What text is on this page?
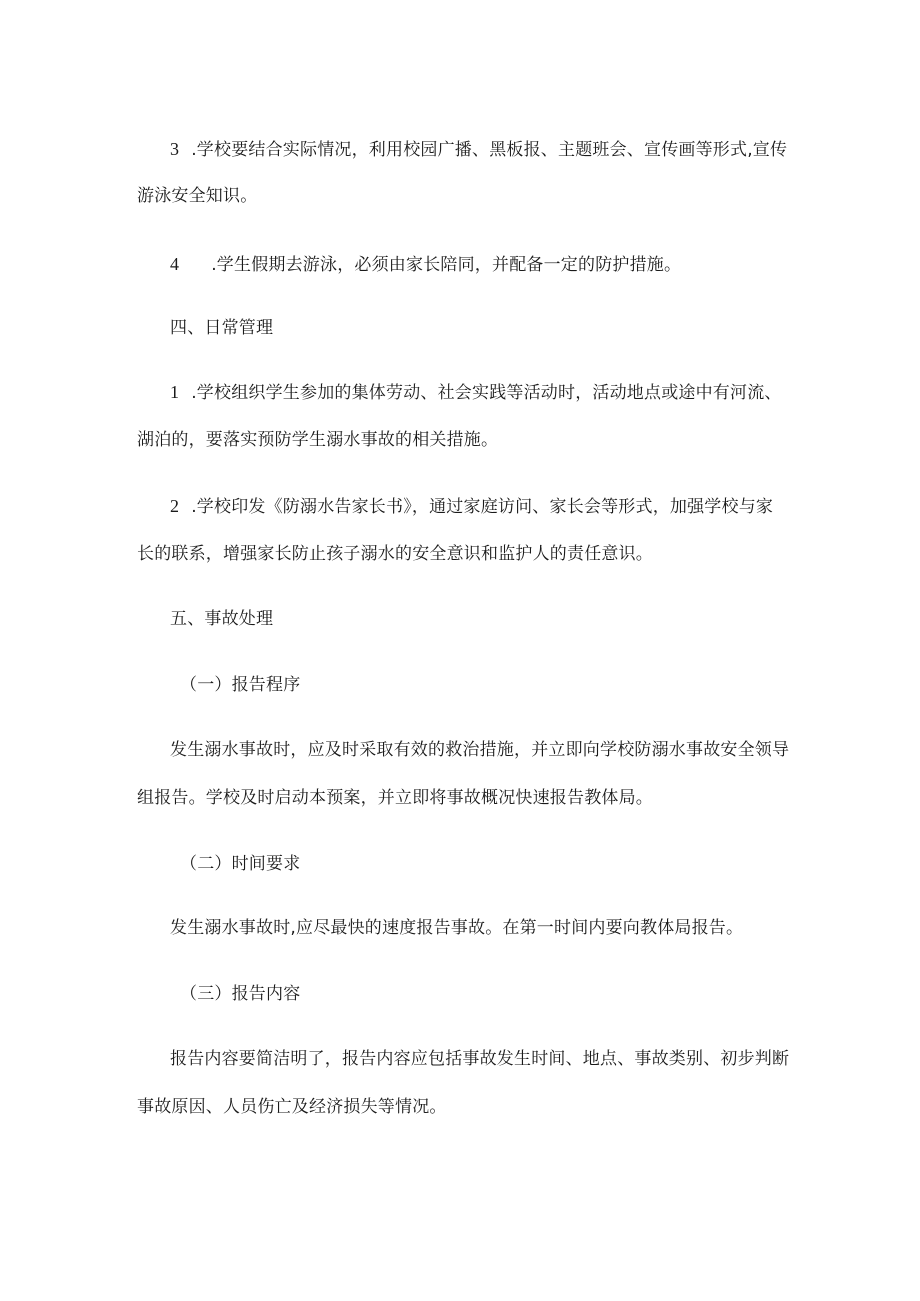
3 .学校要结合实际情况，利用校园广播、黑板报、主题班会、宣传画等形式,宣传
游泳安全知识。
4 .学生假期去游泳，必须由家长陪同，并配备一定的防护措施。
四、日常管理
1 .学校组织学生参加的集体劳动、社会实践等活动时，活动地点或途中有河流、
湖泊的，要落实预防学生溺水事故的相关措施。
2 .学校印发《防溺水告家长书》，通过家庭访问、家长会等形式，加强学校与家
长的联系，增强家长防止孩子溺水的安全意识和监护人的责任意识。
五、事故处理
（一）报告程序
发生溺水事故时，应及时采取有效的救治措施，并立即向学校防溺水事故安全领导
组报告。学校及时启动本预案，并立即将事故概况快速报告教体局。
（二）时间要求
发生溺水事故时,应尽最快的速度报告事故。在第一时间内要向教体局报告。
（三）报告内容
报告内容要简洁明了，报告内容应包括事故发生时间、地点、事故类别、初步判断
事故原因、人员伤亡及经济损失等情况。
